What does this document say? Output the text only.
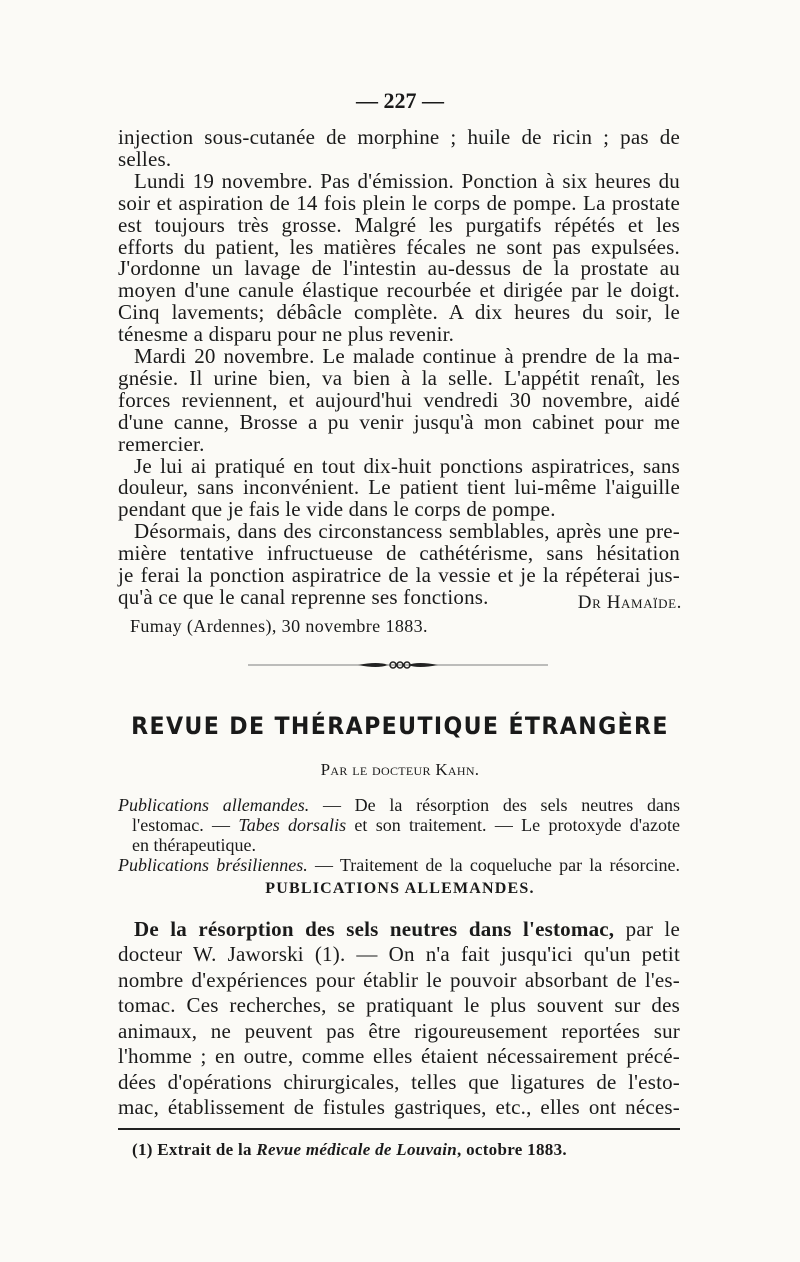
— 227 —
injection sous-cutanée de morphine ; huile de ricin ; pas de
selles.
Lundi 19 novembre. Pas d'émission. Ponction à six heures du
soir et aspiration de 14 fois plein le corps de pompe. La prostate
est toujours très grosse. Malgré les purgatifs répétés et les
efforts du patient, les matières fécales ne sont pas expulsées.
J'ordonne un lavage de l'intestin au-dessus de la prostate au
moyen d'une canule élastique recourbée et dirigée par le doigt.
Cinq lavements; débâcle complète. A dix heures du soir, le
ténesme a disparu pour ne plus revenir.
Mardi 20 novembre. Le malade continue à prendre de la ma-
gnésie. Il urine bien, va bien à la selle. L'appétit renaît, les
forces reviennent, et aujourd'hui vendredi 30 novembre, aidé
d'une canne, Brosse a pu venir jusqu'à mon cabinet pour me
remercier.
Je lui ai pratiqué en tout dix-huit ponctions aspiratrices, sans
douleur, sans inconvénient. Le patient tient lui-même l'aiguille
pendant que je fais le vide dans le corps de pompe.
Désormais, dans des circonstancess semblables, après une pre-
mière tentative infructueuse de cathétérisme, sans hésitation
je ferai la ponction aspiratrice de la vessie et je la répéterai jus-
qu'à ce que le canal reprenne ses fonctions.	Dr Hamaïde.
Fumay (Ardennes), 30 novembre 1883.
REVUE DE THÉRAPEUTIQUE ÉTRANGÈRE
Par le docteur Kahn.
Publications allemandes. — De la résorption des sels neutres dans
l'estomac. — Tabes dorsalis et son traitement. — Le protoxyde d'azote
en thérapeutique.
Publications brésiliennes. — Traitement de la coqueluche par la résorcine.
PUBLICATIONS ALLEMANDES.
De la résorption des sels neutres dans l'estomac, par le
docteur W. Jaworski (1). — On n'a fait jusqu'ici qu'un petit
nombre d'expériences pour établir le pouvoir absorbant de l'es-
tomac. Ces recherches, se pratiquant le plus souvent sur des
animaux, ne peuvent pas être rigoureusement reportées sur
l'homme ; en outre, comme elles étaient nécessairement précé-
dées d'opérations chirurgicales, telles que ligatures de l'esto-
mac, établissement de fistules gastriques, etc., elles ont néces-
(1) Extrait de la Revue médicale de Louvain, octobre 1883.
